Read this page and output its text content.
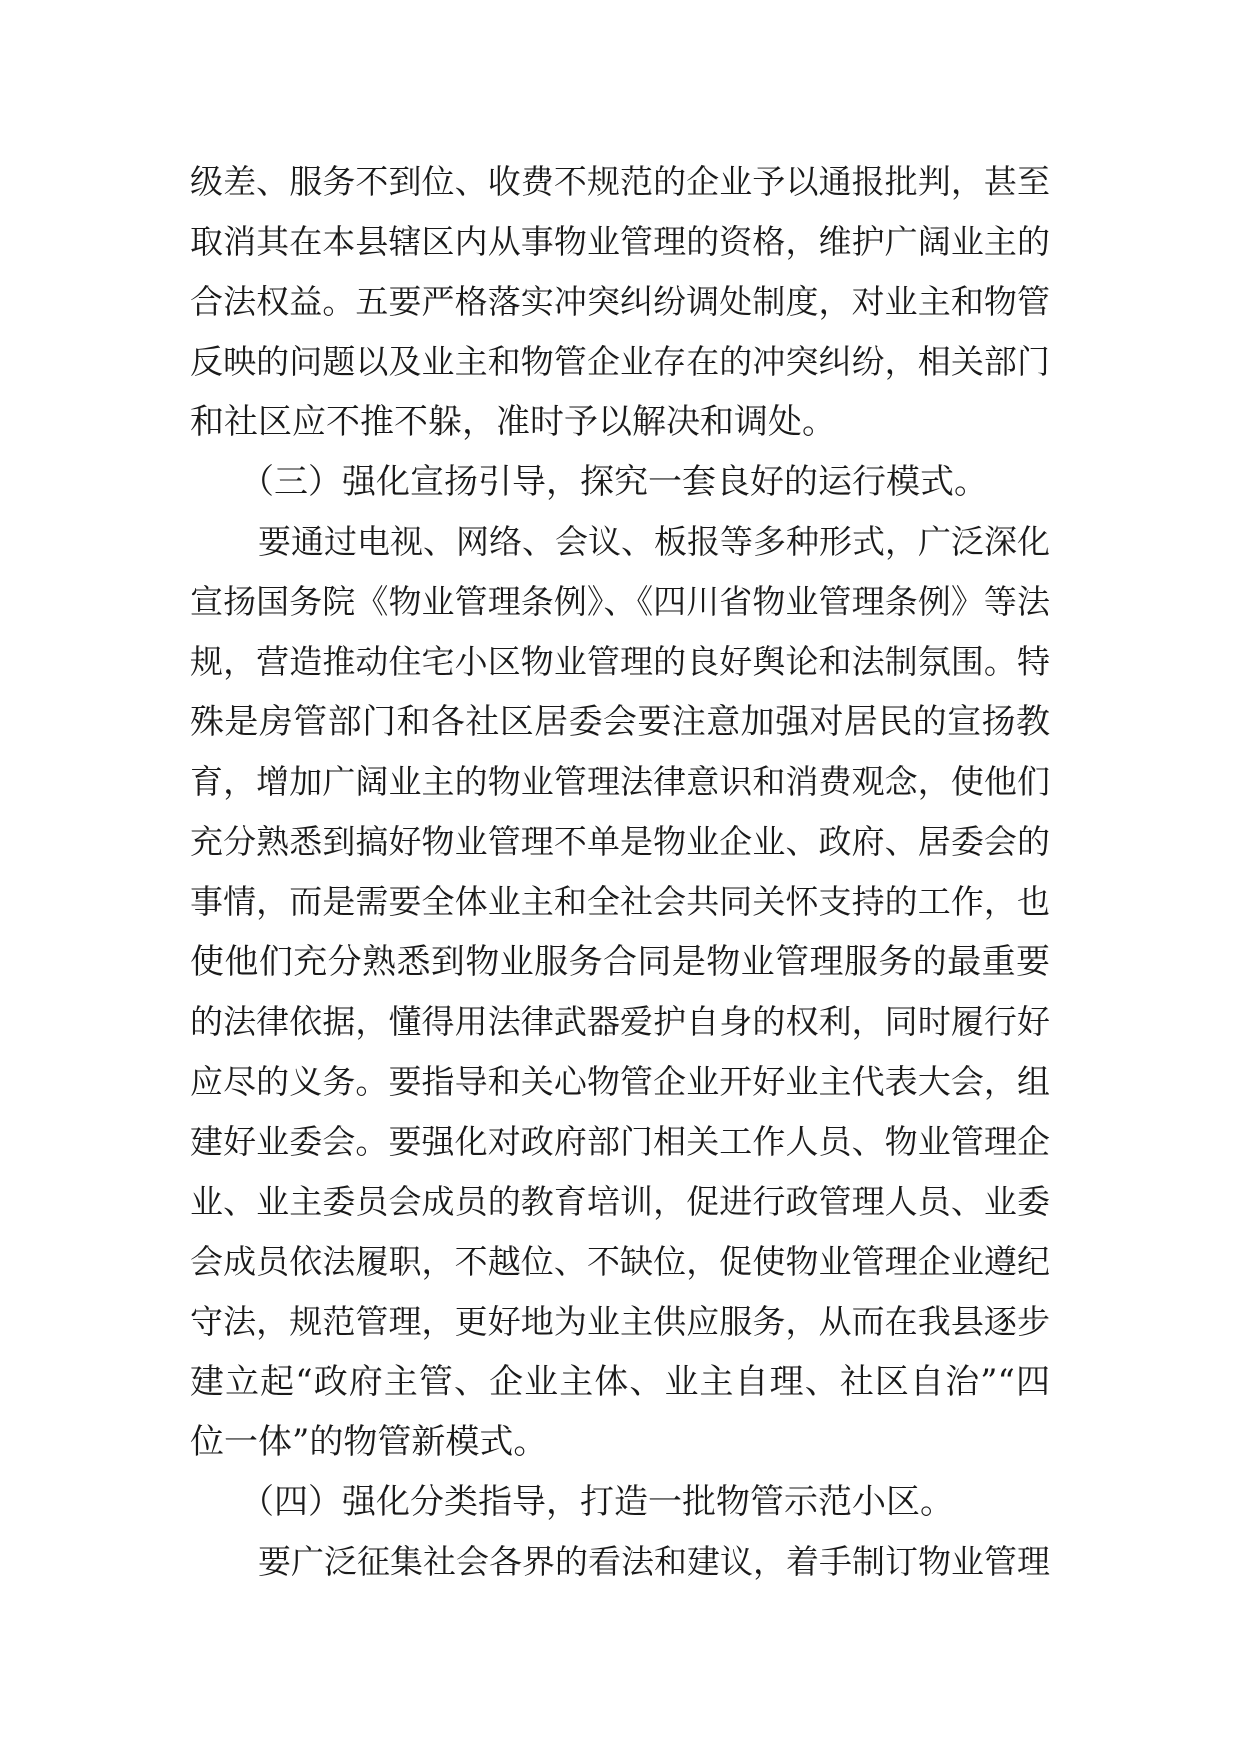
级差、服务不到位、收费不规范的企业予以通报批判，甚至
取消其在本县辖区内从事物业管理的资格，维护广阔业主的
合法权益。五要严格落实冲突纠纷调处制度，对业主和物管
反映的问题以及业主和物管企业存在的冲突纠纷，相关部门
和社区应不推不躲，准时予以解决和调处。
（三）强化宣扬引导，探究一套良好的运行模式。
要通过电视、网络、会议、板报等多种形式，广泛深化
宣扬国务院《物业管理条例》、《四川省物业管理条例》等法
规，营造推动住宅小区物业管理的良好舆论和法制氛围。特
殊是房管部门和各社区居委会要注意加强对居民的宣扬教
育，增加广阔业主的物业管理法律意识和消费观念，使他们
充分熟悉到搞好物业管理不单是物业企业、政府、居委会的
事情，而是需要全体业主和全社会共同关怀支持的工作，也
使他们充分熟悉到物业服务合同是物业管理服务的最重要
的法律依据，懂得用法律武器爱护自身的权利，同时履行好
应尽的义务。要指导和关心物管企业开好业主代表大会，组
建好业委会。要强化对政府部门相关工作人员、物业管理企
业、业主委员会成员的教育培训，促进行政管理人员、业委
会成员依法履职，不越位、不缺位，促使物业管理企业遵纪
守法，规范管理，更好地为业主供应服务，从而在我县逐步
建立起“政府主管、企业主体、业主自理、社区自治”“四
位一体”的物管新模式。
（四）强化分类指导，打造一批物管示范小区。
要广泛征集社会各界的看法和建议，着手制订物业管理
